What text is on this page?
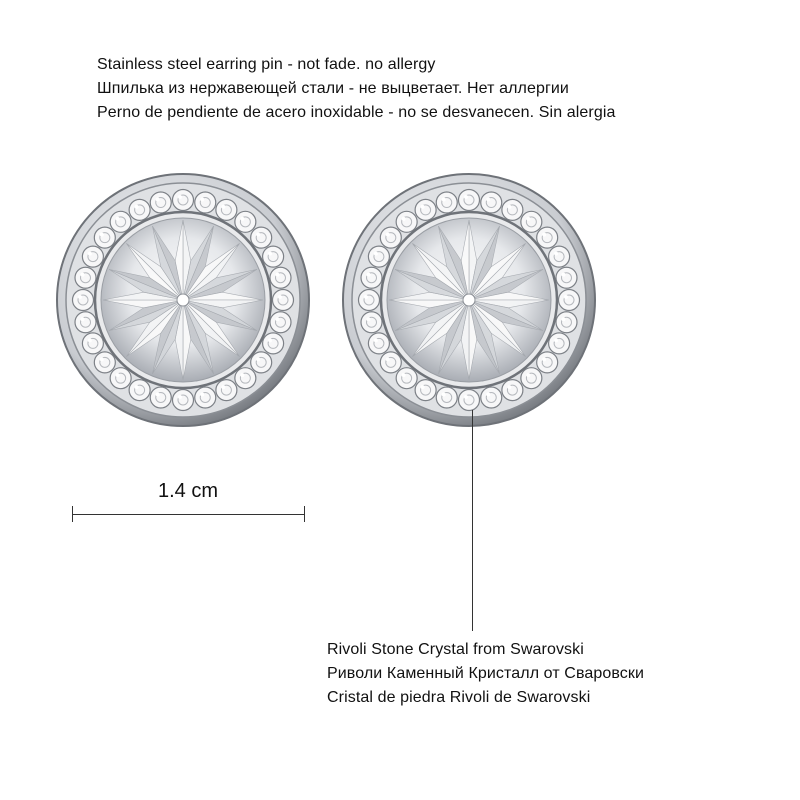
Stainless steel earring pin - not fade. no allergy
Шпилька из нержавеющей стали - не выцветает. Нет аллергии
Perno de pendiente de acero inoxidable - no se desvanecen. Sin alergia
1.4 cm
Rivoli Stone Crystal from Swarovski
Риволи Каменный Кристалл от Сваровски
Cristal de piedra Rivoli de Swarovski
